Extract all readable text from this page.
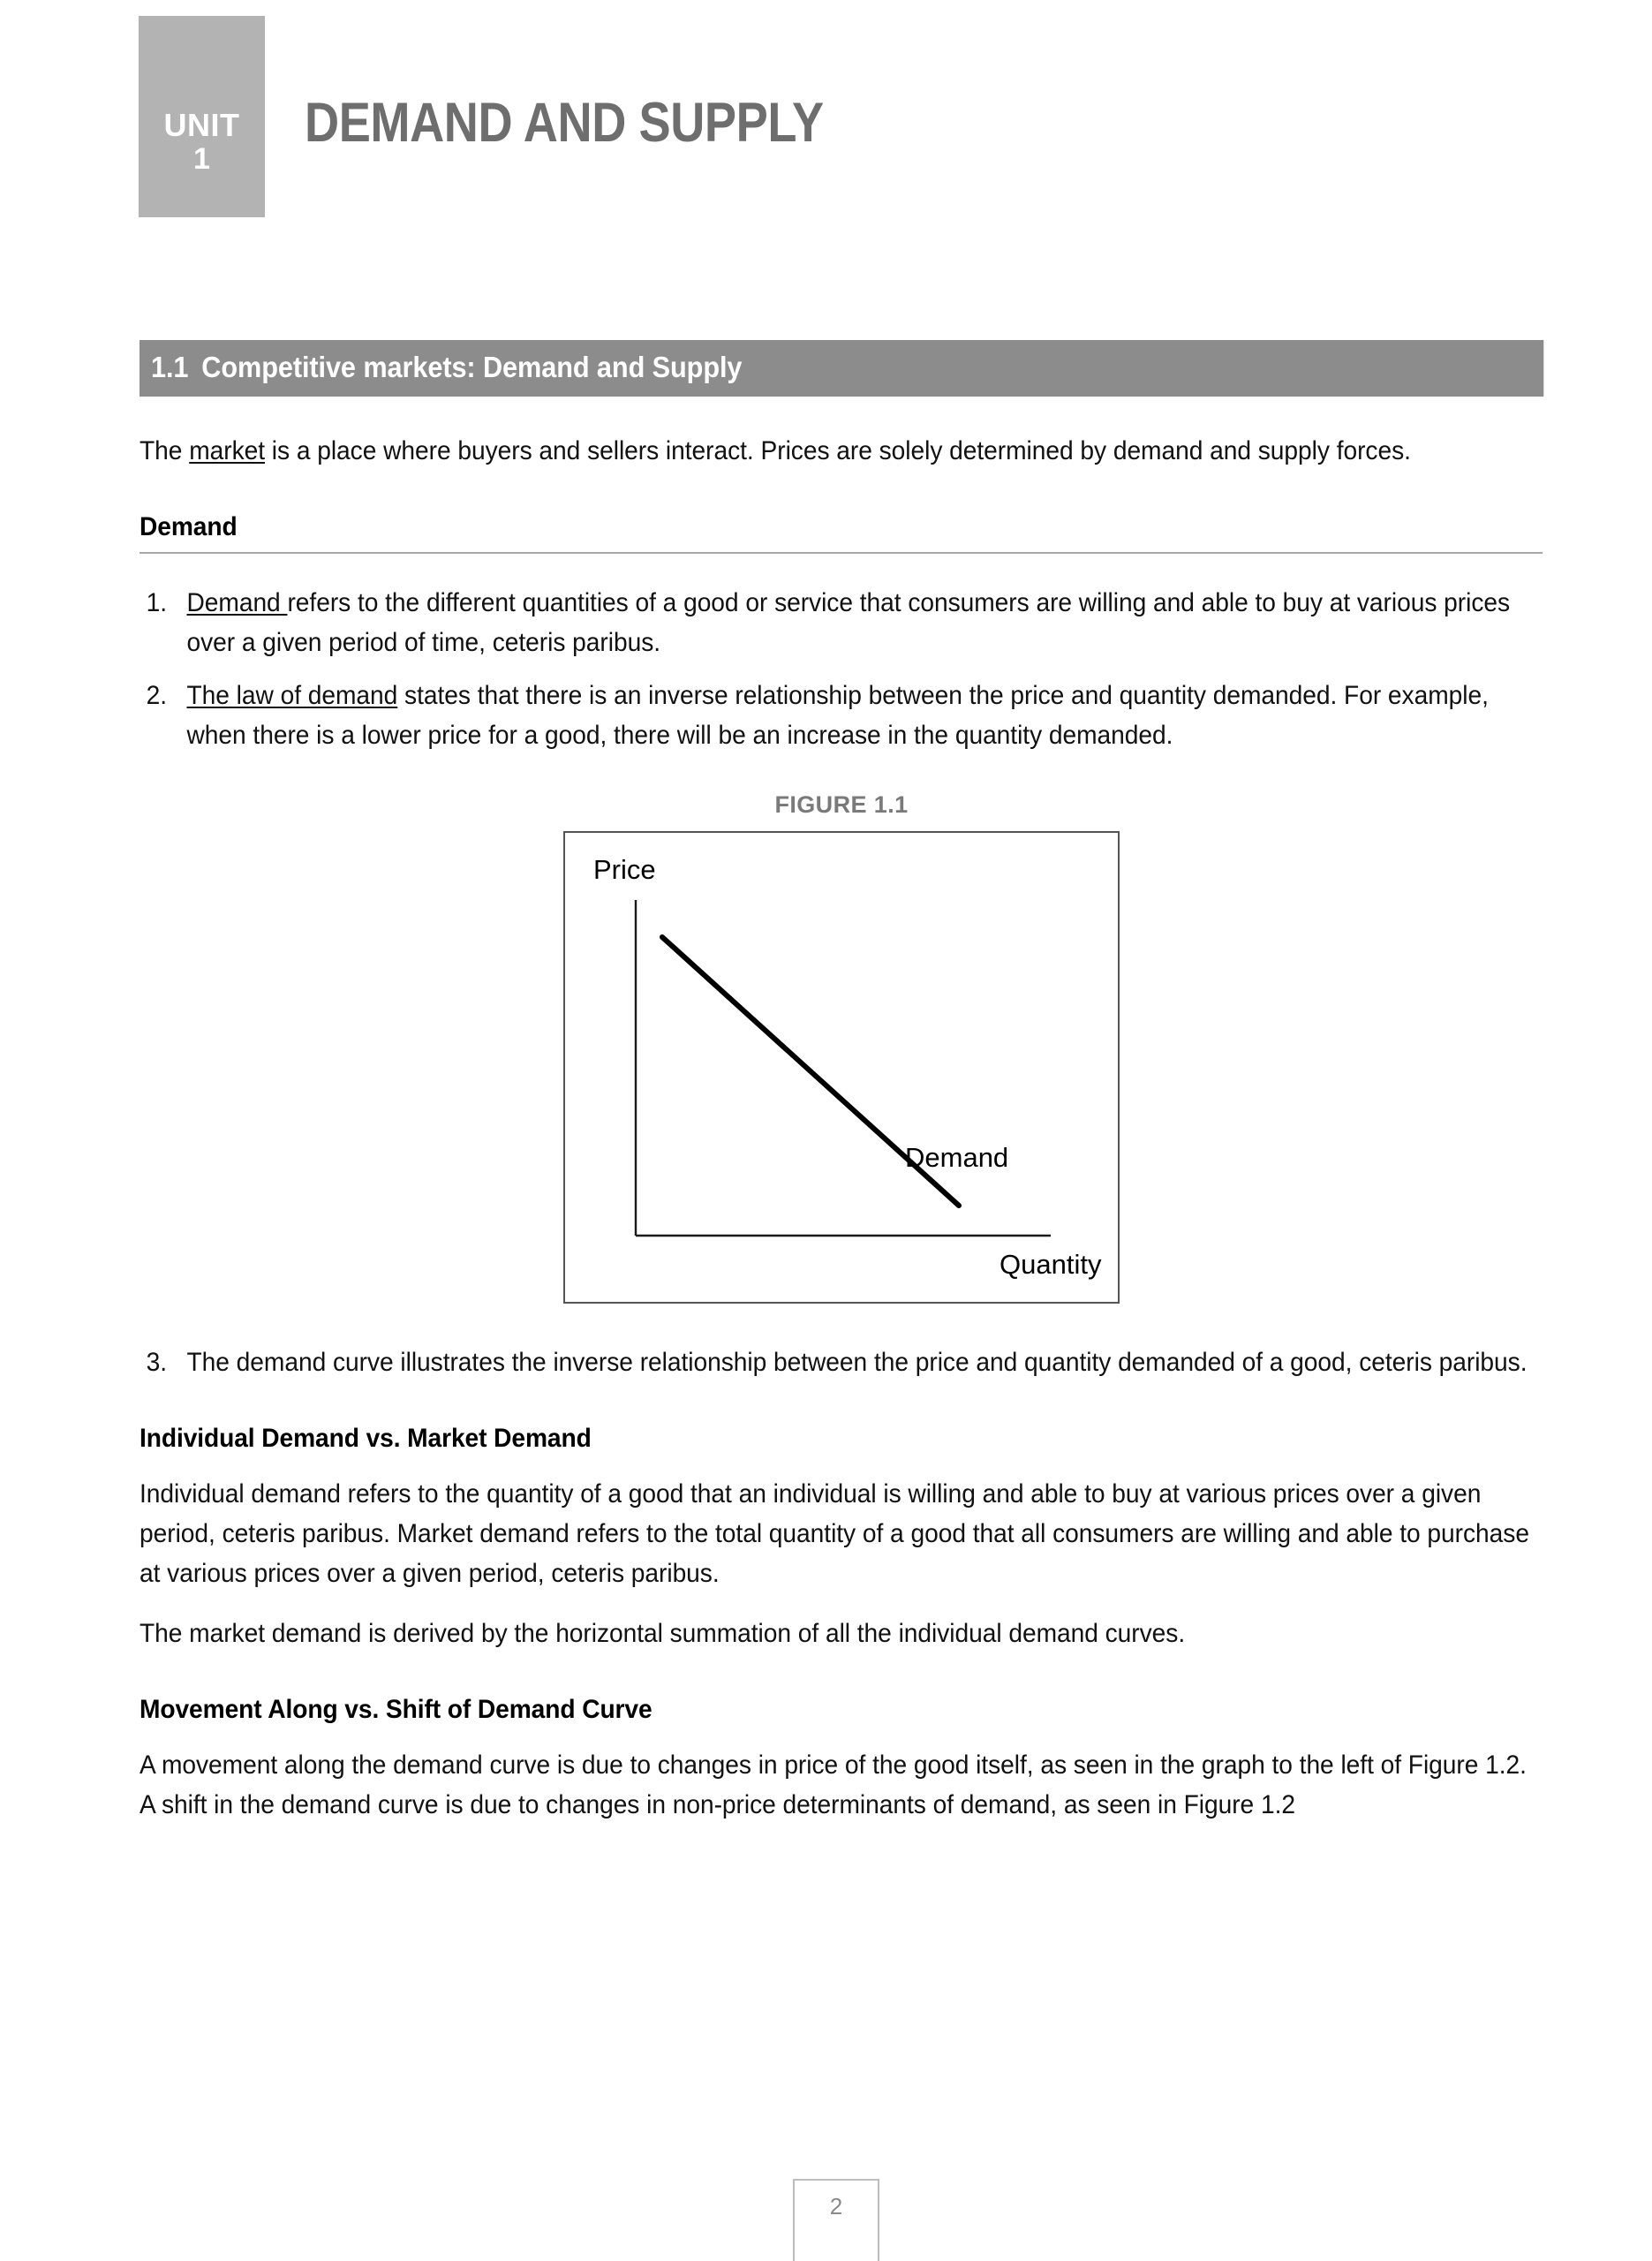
UNIT
1
DEMAND AND SUPPLY
1.1 Competitive markets: Demand and Supply

The market is a place where buyers and sellers interact. Prices are solely determined by demand and supply forces.

Demand
1. Demand refers to the different quantities of a good or service that consumers are willing and able to buy at various prices over a given period of time, ceteris paribus.
2. The law of demand states that there is an inverse relationship between the price and quantity demanded. For example, when there is a lower price for a good, there will be an increase in the quantity demanded.
FIGURE 1.1
Price
Demand
Quantity
3. The demand curve illustrates the inverse relationship between the price and quantity demanded of a good, ceteris paribus.
Individual Demand vs. Market Demand

Individual demand refers to the quantity of a good that an individual is willing and able to buy at various prices over a given period, ceteris paribus. Market demand refers to the total quantity of a good that all consumers are willing and able to purchase at various prices over a given period, ceteris paribus.

The market demand is derived by the horizontal summation of all the individual demand curves.

Movement Along vs. Shift of Demand Curve

A movement along the demand curve is due to changes in price of the good itself, as seen in the graph to the left of Figure 1.2. A shift in the demand curve is due to changes in non-price determinants of demand, as seen in Figure 1.2

2
